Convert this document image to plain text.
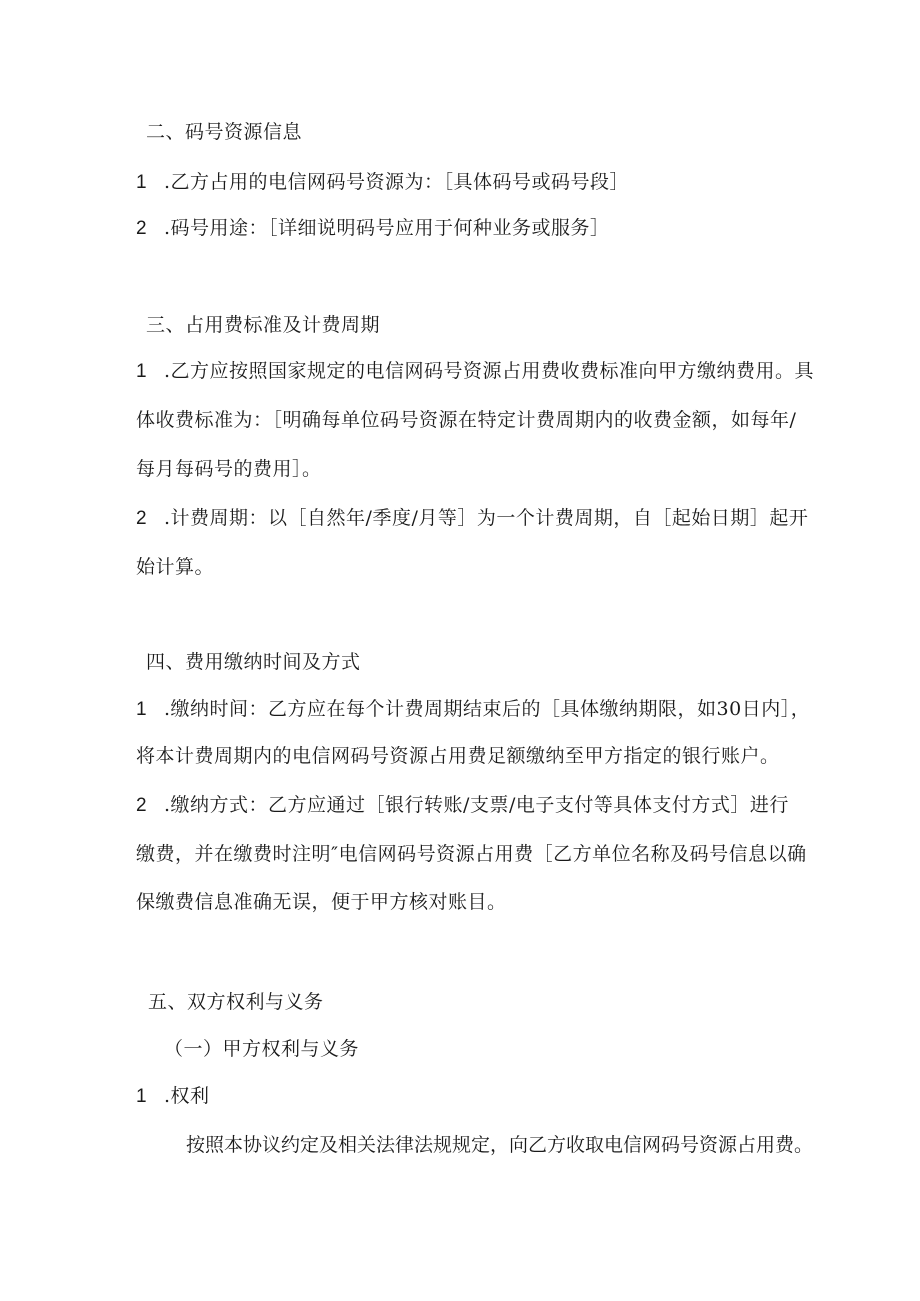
二、码号资源信息
1 .乙方占用的电信网码号资源为：［具体码号或码号段］
2 .码号用途：［详细说明码号应用于何种业务或服务］
三、占用费标准及计费周期
1 .乙方应按照国家规定的电信网码号资源占用费收费标准向甲方缴纳费用。具
体收费标准为：［明确每单位码号资源在特定计费周期内的收费金额，如每年/
每月每码号的费用］。
2 .计费周期：以［自然年/季度/月等］为一个计费周期，自［起始日期］起开
始计算。
四、费用缴纳时间及方式
1 .缴纳时间：乙方应在每个计费周期结束后的［具体缴纳期限，如30日内］，
将本计费周期内的电信网码号资源占用费足额缴纳至甲方指定的银行账户。
2 .缴纳方式：乙方应通过［银行转账/支票/电子支付等具体支付方式］进行
缴费，并在缴费时注明″电信网码号资源占用费［乙方单位名称及码号信息以确
保缴费信息准确无误，便于甲方核对账目。
五、双方权利与义务
（一）甲方权利与义务
1 .权利
按照本协议约定及相关法律法规规定，向乙方收取电信网码号资源占用费。
